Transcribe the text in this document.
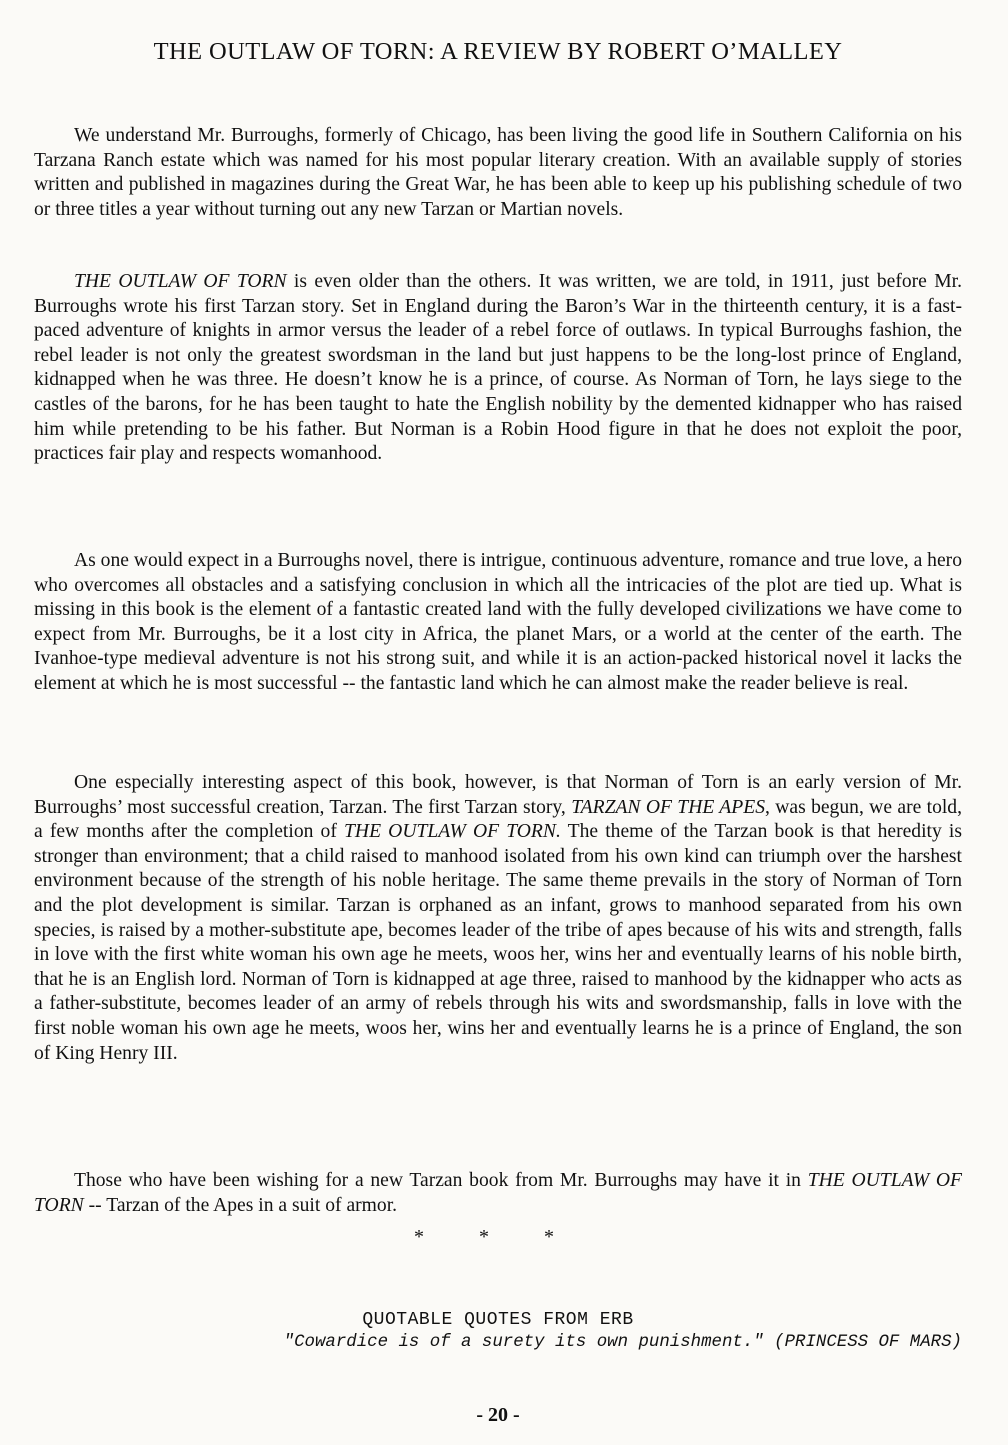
THE OUTLAW OF TORN: A REVIEW BY ROBERT O’MALLEY

We understand Mr. Burroughs, formerly of Chicago, has been living the good life in Southern California on his Tarzana Ranch estate which was named for his most popular literary creation. With an available supply of stories written and published in magazines during the Great War, he has been able to keep up his publishing schedule of two or three titles a year without turning out any new Tarzan or Martian novels.

THE OUTLAW OF TORN is even older than the others. It was written, we are told, in 1911, just before Mr. Burroughs wrote his first Tarzan story. Set in England during the Baron’s War in the thirteenth century, it is a fast-paced adventure of knights in armor versus the leader of a rebel force of outlaws. In typical Burroughs fashion, the rebel leader is not only the greatest swordsman in the land but just happens to be the long-lost prince of England, kidnapped when he was three. He doesn’t know he is a prince, of course. As Norman of Torn, he lays siege to the castles of the barons, for he has been taught to hate the English nobility by the demented kidnapper who has raised him while pretending to be his father. But Norman is a Robin Hood figure in that he does not exploit the poor, practices fair play and respects womanhood.

As one would expect in a Burroughs novel, there is intrigue, continuous adventure, romance and true love, a hero who overcomes all obstacles and a satisfying conclusion in which all the intricacies of the plot are tied up. What is missing in this book is the element of a fantastic created land with the fully developed civilizations we have come to expect from Mr. Burroughs, be it a lost city in Africa, the planet Mars, or a world at the center of the earth. The Ivanhoe-type medieval adventure is not his strong suit, and while it is an action-packed historical novel it lacks the element at which he is most successful -- the fantastic land which he can almost make the reader believe is real.

One especially interesting aspect of this book, however, is that Norman of Torn is an early version of Mr. Burroughs’ most successful creation, Tarzan. The first Tarzan story, TARZAN OF THE APES, was begun, we are told, a few months after the completion of THE OUTLAW OF TORN. The theme of the Tarzan book is that heredity is stronger than environment; that a child raised to manhood isolated from his own kind can triumph over the harshest environment because of the strength of his noble heritage. The same theme prevails in the story of Norman of Torn and the plot development is similar. Tarzan is orphaned as an infant, grows to manhood separated from his own species, is raised by a mother-substitute ape, becomes leader of the tribe of apes because of his wits and strength, falls in love with the first white woman his own age he meets, woos her, wins her and eventually learns of his noble birth, that he is an English lord. Norman of Torn is kidnapped at age three, raised to manhood by the kidnapper who acts as a father-substitute, becomes leader of an army of rebels through his wits and swordsmanship, falls in love with the first noble woman his own age he meets, woos her, wins her and eventually learns he is a prince of England, the son of King Henry III.

Those who have been wishing for a new Tarzan book from Mr. Burroughs may have it in THE OUTLAW OF TORN -- Tarzan of the Apes in a suit of armor.

*	*	*
QUOTABLE QUOTES FROM ERB
"Cowardice is of a surety its own punishment." (PRINCESS OF MARS)
- 20 -
